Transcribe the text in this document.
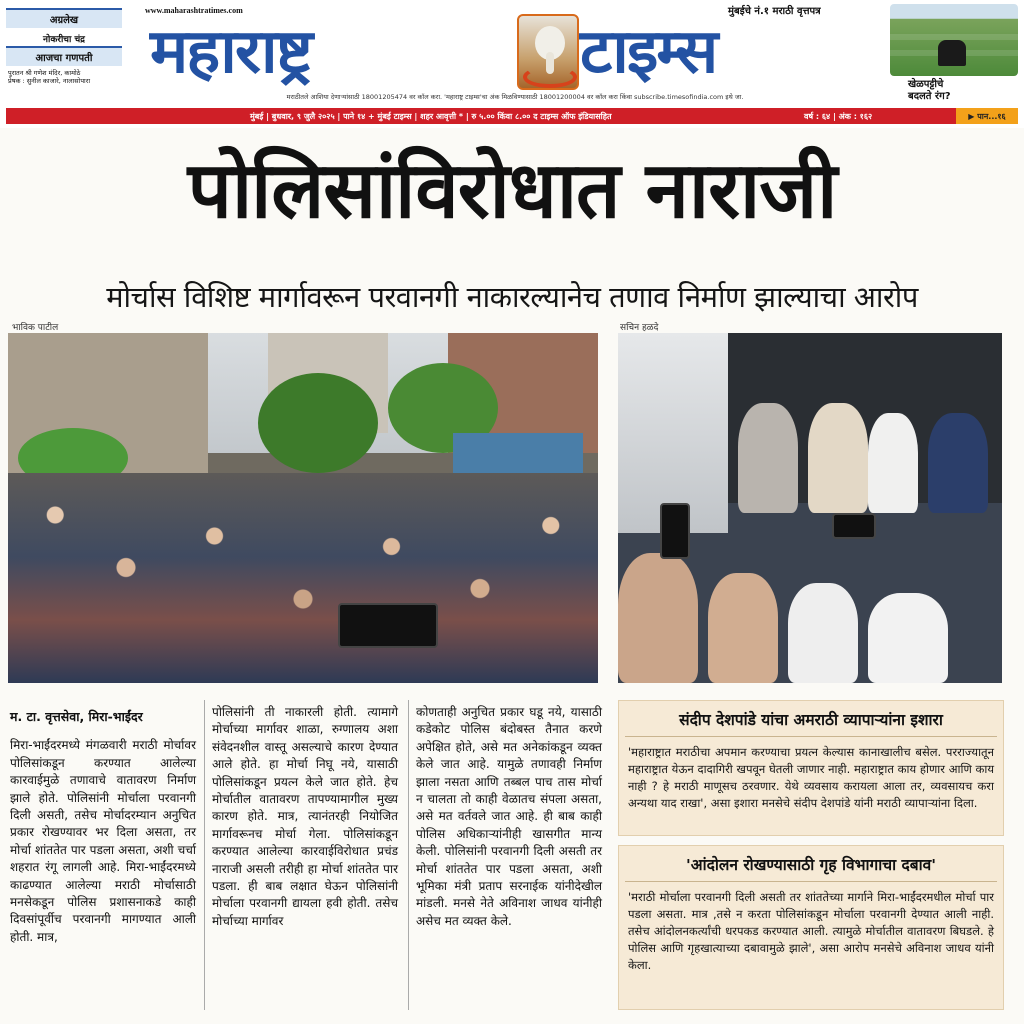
अग्रलेख
नोकरीचा चंद्र
आजचा गणपती
पुरातन श्री गणेश मंदिर, कामोठे
प्रेषक : सुनील काजारे, नालासोपारा
www.maharashtratimes.com	मुंबईचे नं.१ मराठी वृत्तपत्र
महाराष्ट्र	टाइम्स
मराठीतले आशिया देणाऱ्यांसाठी 18001205474 वर कॉल करा. 'महाराष्ट्र टाइम्स'चा अंक मिळविण्यासाठी 18001200004 वर कॉल करा किंवा subscribe.timesofindia.com इथे जा.
खेळपट्टीचे
बदलते रंग?
मुंबई | बुधवार, ९ जुलै २०२५ | पाने १४ + मुंबई टाइम्स | शहर आवृत्ती * | रु ५.०० किंवा ८.०० द टाइम्स ऑफ इंडियासहित	वर्ष : ६४ | अंक : १६२	▶ पान...१६
पोलिसांविरोधात नाराजी
मोर्चास विशिष्ट मार्गावरून परवानगी नाकारल्यानेच तणाव निर्माण झाल्याचा आरोप
भाविक पाटील	सचिन हळदे
म. टा. वृत्तसेवा, मिरा-भाईंदर

मिरा-भाईंदरमध्ये मंगळवारी मराठी मोर्चावर पोलिसांकडून करण्यात आलेल्या कारवाईमुळे तणावाचे वातावरण निर्माण झाले होते. पोलिसांनी मोर्चाला परवानगी दिली असती, तसेच मोर्चादरम्यान अनुचित प्रकार रोखण्यावर भर दिला असता, तर मोर्चा शांततेत पार पडला असता, अशी चर्चा शहरात रंगू लागली आहे. मिरा-भाईंदरमध्ये काढण्यात आलेल्या मराठी मोर्चासाठी मनसेकडून पोलिस प्रशासनाकडे काही दिवसांपूर्वीच परवानगी मागण्यात आली होती. मात्र,

पोलिसांनी ती नाकारली होती. त्यामागे मोर्चाच्या मार्गावर शाळा, रुग्णालय अशा संवेदनशील वास्तू असल्याचे कारण देण्यात आले होते. हा मोर्चा निघू नये, यासाठी पोलिसांकडून प्रयत्न केले जात होते. हेच मोर्चातील वातावरण तापण्यामागील मुख्य कारण होते. मात्र, त्यानंतरही नियोजित मार्गावरूनच मोर्चा गेला. पोलिसांकडून करण्यात आलेल्या कारवाईविरोधात प्रचंड नाराजी असली तरीही हा मोर्चा शांततेत पार पडला. ही बाब लक्षात घेऊन पोलिसांनी मोर्चाला परवानगी द्यायला हवी होती. तसेच मोर्चाच्या मार्गावर

कोणताही अनुचित प्रकार घडू नये, यासाठी कडेकोट पोलिस बंदोबस्त तैनात करणे अपेक्षित होते, असे मत अनेकांकडून व्यक्त केले जात आहे. यामुळे तणावही निर्माण झाला नसता आणि तब्बल पाच तास मोर्चा न चालता तो काही वेळातच संपला असता, असे मत वर्तवले जात आहे. ही बाब काही पोलिस अधिकाऱ्यांनीही खासगीत मान्य केली. पोलिसांनी परवानगी दिली असती तर मोर्चा शांततेत पार पडला असता, अशी भूमिका मंत्री प्रताप सरनाईक यांनीदेखील मांडली. मनसे नेते अविनाश जाधव यांनीही असेच मत व्यक्त केले.

संदीप देशपांडे यांचा अमराठी व्यापाऱ्यांना इशारा
'महाराष्ट्रात मराठीचा अपमान करण्याचा प्रयत्न केल्यास कानाखालीच बसेल. परराज्यातून महाराष्ट्रात येऊन दादागिरी खपवून घेतली जाणार नाही. महाराष्ट्रात काय होणार आणि काय नाही ? हे मराठी माणूसच ठरवणार. येथे व्यवसाय करायला आला तर, व्यवसायच करा अन्यथा याद राखा', असा इशारा मनसेचे संदीप देशपांडे यांनी मराठी व्यापाऱ्यांना दिला.
'आंदोलन रोखण्यासाठी गृह विभागाचा दबाव'
'मराठी मोर्चाला परवानगी दिली असती तर शांततेच्या मार्गाने मिरा-भाईंदरमधील मोर्चा पार पडला असता. मात्र ,तसे न करता पोलिसांकडून मोर्चाला परवानगी देण्यात आली नाही. तसेच आंदोलनकर्त्यांची धरपकड करण्यात आली. त्यामुळे मोर्चातील वातावरण बिघडले. हे पोलिस आणि गृहखात्याच्या दबावामुळे झाले', असा आरोप मनसेचे अविनाश जाधव यांनी केला.
